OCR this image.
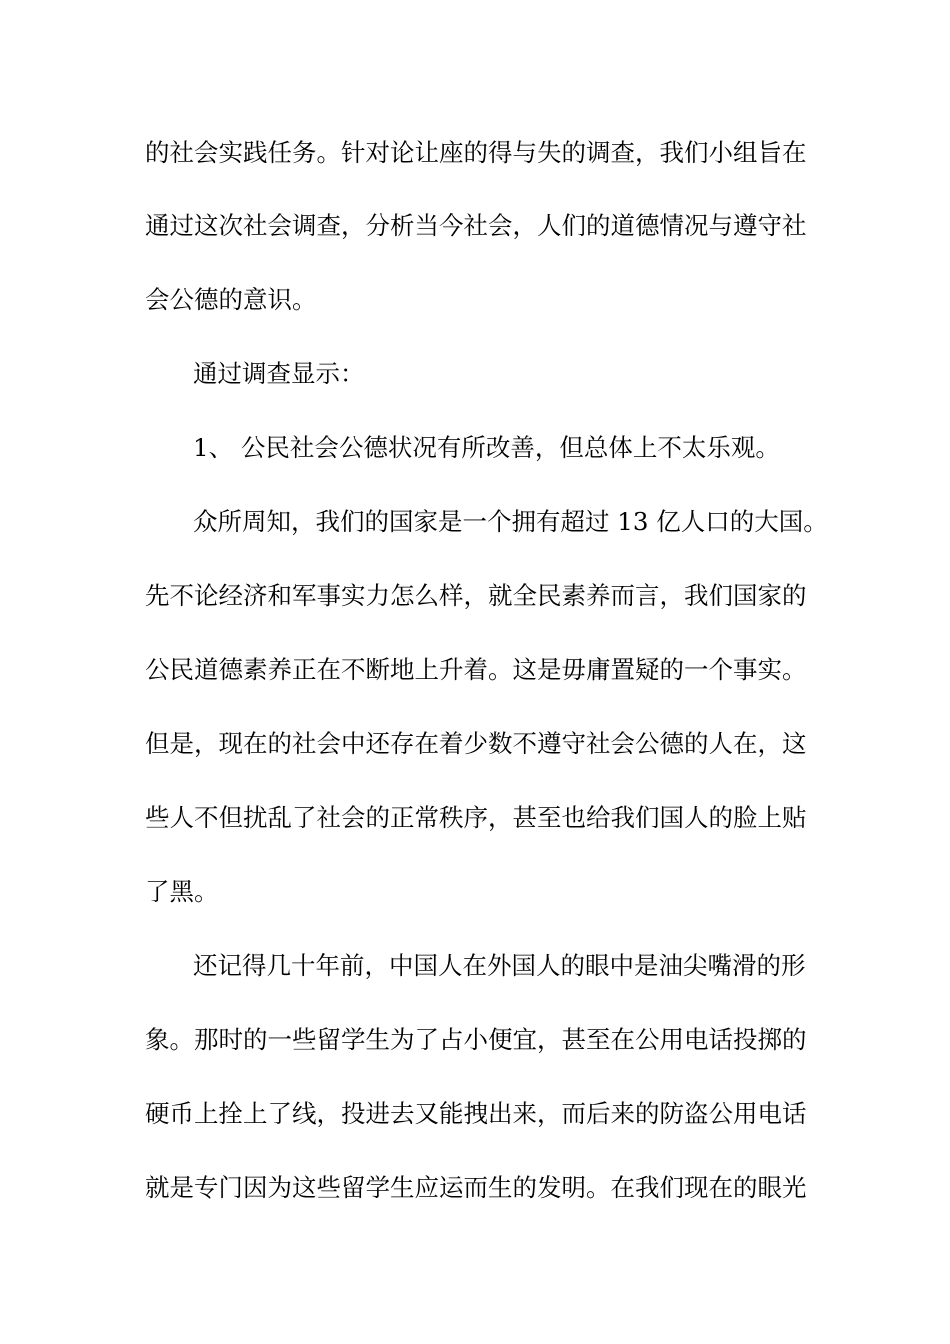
的社会实践任务。针对论让座的得与失的调查，我们小组旨在
通过这次社会调查，分析当今社会，人们的道德情况与遵守社
会公德的意识。
通过调查显示：
1、 公民社会公德状况有所改善，但总体上不太乐观。
众所周知，我们的国家是一个拥有超过 13 亿人口的大国。
先不论经济和军事实力怎么样，就全民素养而言，我们国家的
公民道德素养正在不断地上升着。这是毋庸置疑的一个事实。
但是，现在的社会中还存在着少数不遵守社会公德的人在，这
些人不但扰乱了社会的正常秩序，甚至也给我们国人的脸上贴
了黑。
还记得几十年前，中国人在外国人的眼中是油尖嘴滑的形
象。那时的一些留学生为了占小便宜，甚至在公用电话投掷的
硬币上拴上了线，投进去又能拽出来，而后来的防盗公用电话
就是专门因为这些留学生应运而生的发明。在我们现在的眼光
